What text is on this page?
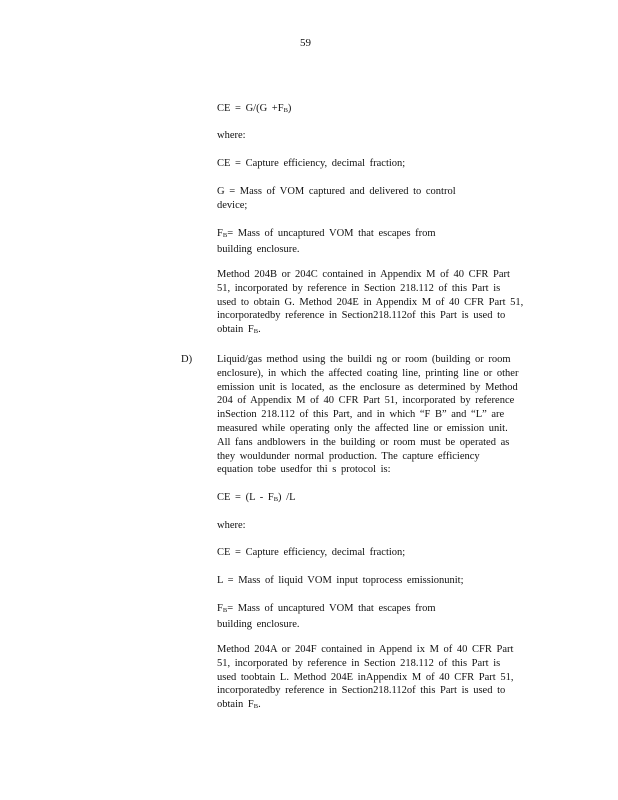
59
CE = G/(G +FB)
where:
CE = Capture efficiency, decimal fraction;
G = Mass of VOM captured and delivered to control
device;
FB= Mass of uncaptured VOM that escapes from
building enclosure.
Method 204B or 204C contained in Appendix M of 40 CFR Part
51, incorporated by reference in Section 218.112 of this Part is
used to obtain G. Method 204E in Appendix M of 40 CFR Part 51,
incorporatedby reference in Section218.112of this Part is used to
obtain FB.
D) Liquid/gas method using the buildi ng or room (building or room
enclosure), in which the affected coating line, printing line or other
emission unit is located, as the enclosure as determined by Method
204 of Appendix M of 40 CFR Part 51, incorporated by reference
inSection 218.112 of this Part, and in which “F B” and “L” are
measured while operating only the affected line or emission unit.
All fans andblowers in the building or room must be operated as
they wouldunder normal production. The capture efficiency
equation tobe usedfor thi s protocol is:
CE = (L - FB) /L
where:
CE = Capture efficiency, decimal fraction;
L = Mass of liquid VOM input toprocess emissionunit;
FB= Mass of uncaptured VOM that escapes from
building enclosure.
Method 204A or 204F contained in Append ix M of 40 CFR Part
51, incorporated by reference in Section 218.112 of this Part is
used toobtain L. Method 204E inAppendix M of 40 CFR Part 51,
incorporatedby reference in Section218.112of this Part is used to
obtain FB.
